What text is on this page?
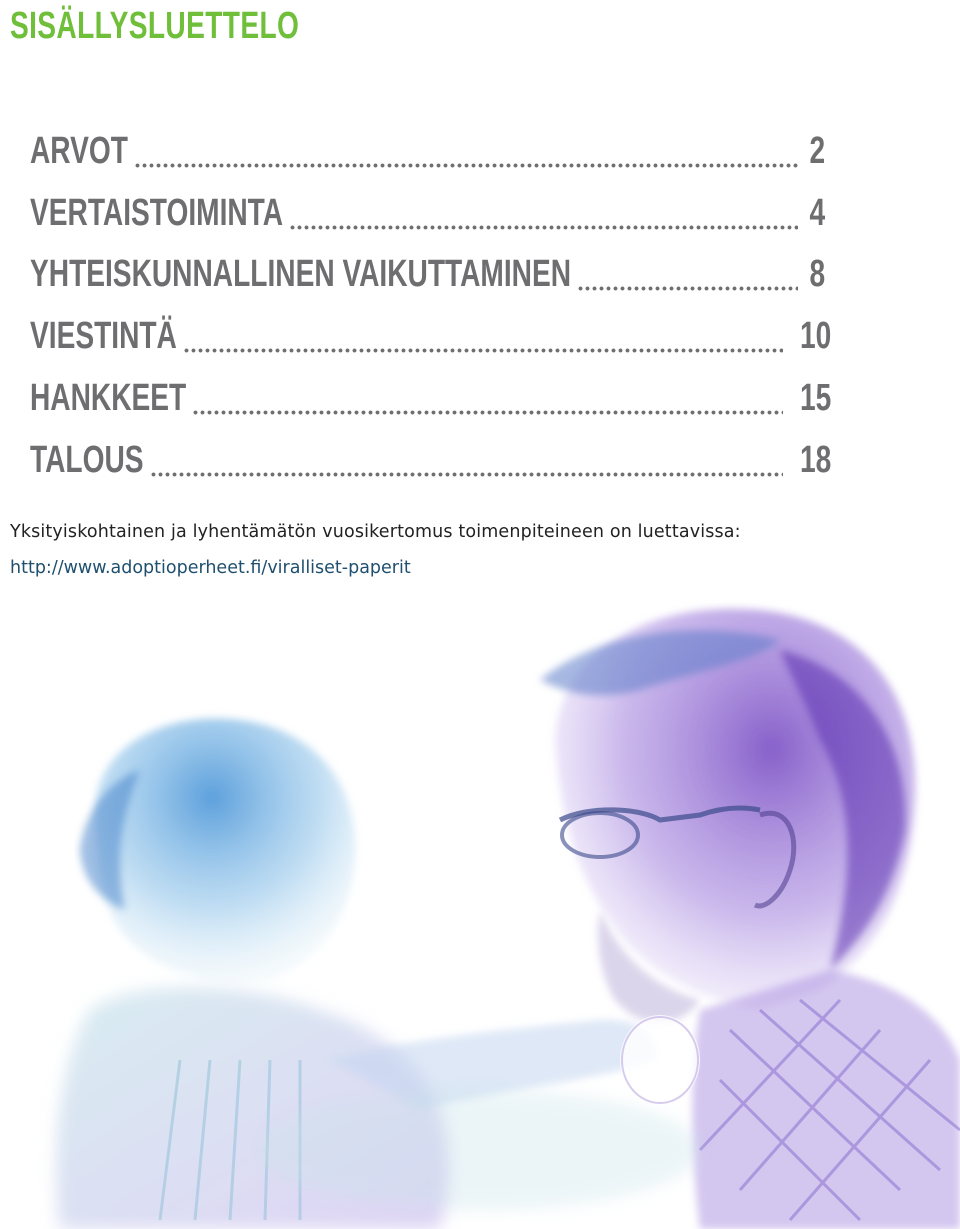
SISÄLLYSLUETTELO
ARVOT	2
VERTAISTOIMINTA	4
YHTEISKUNNALLINEN VAIKUTTAMINEN	8
VIESTINTÄ	10
HANKKEET	15
TALOUS	18

Yksityiskohtainen ja lyhentämätön vuosikertomus toimenpiteineen on luettavissa:

http://www.adoptioperheet.fi/viralliset-paperit
